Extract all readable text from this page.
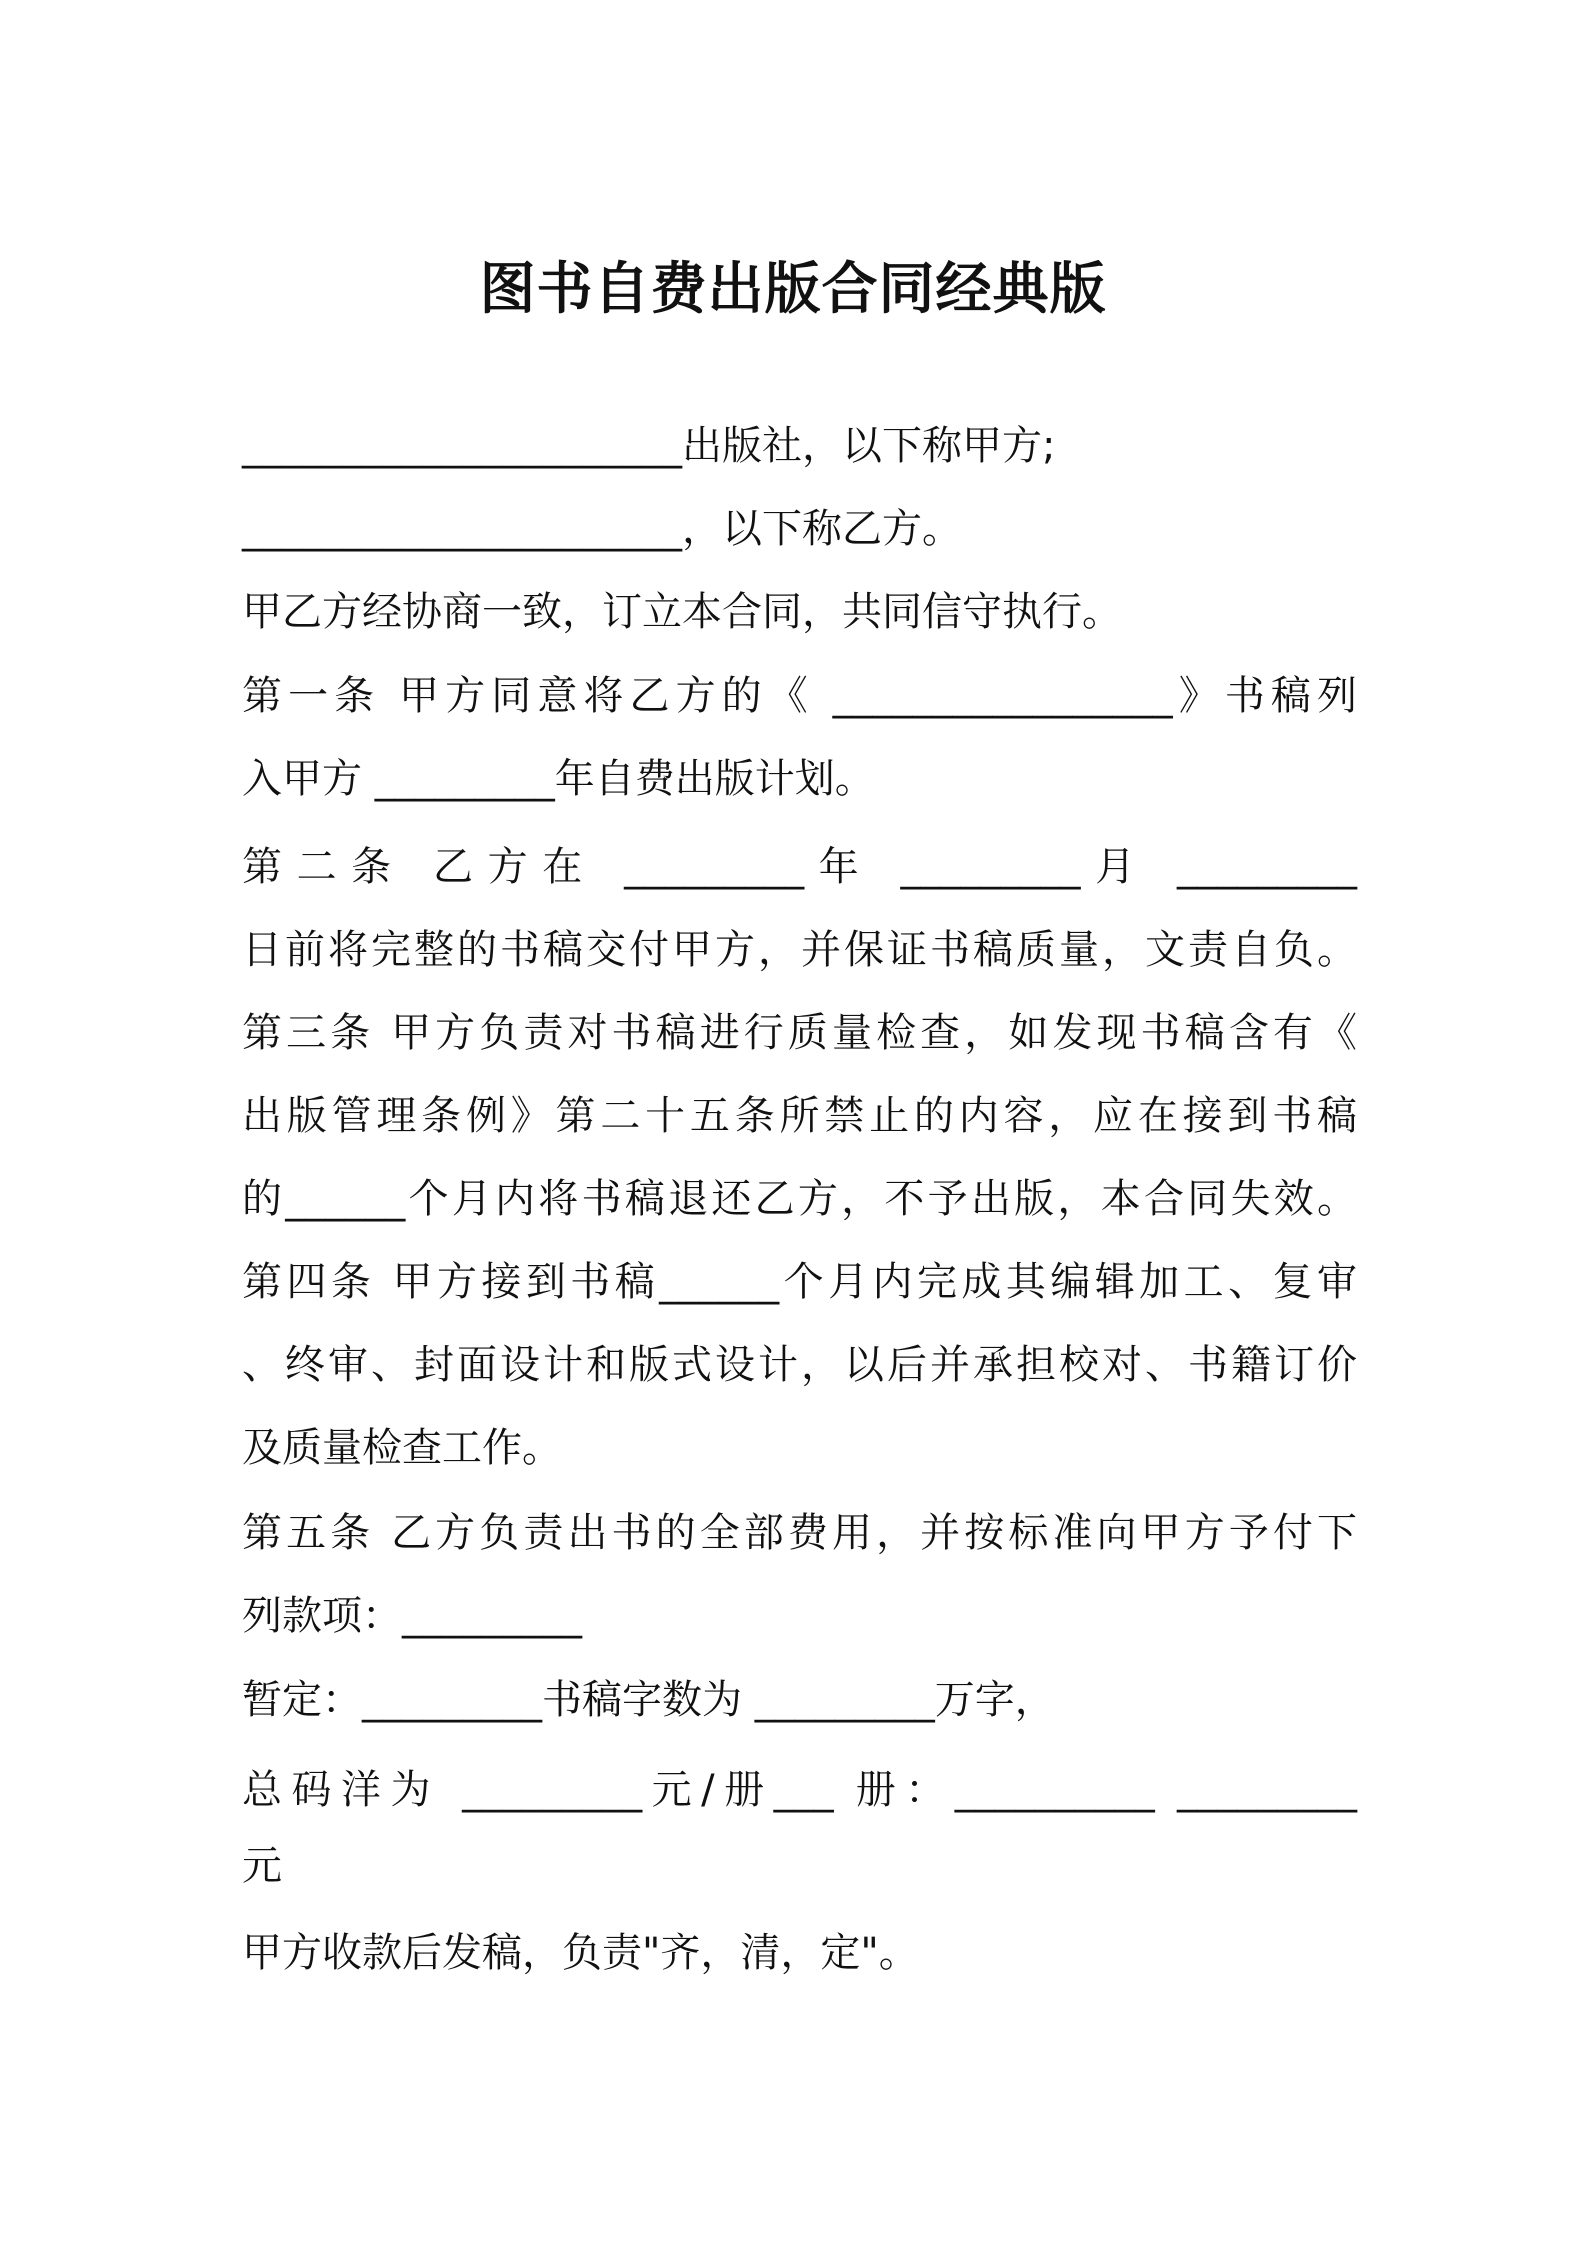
图书自费出版合同经典版
______________________出版社，以下称甲方;
______________________，以下称乙方。
甲乙方经协商一致，订立本合同，共同信守执行。
第一条 甲方同意将乙方的《 _________________》书稿列
入甲方 _________年自费出版计划。
第二条 乙方在 _________年 _________月 _________
日前将完整的书稿交付甲方，并保证书稿质量，文责自负。
第三条 甲方负责对书稿进行质量检查，如发现书稿含有《
出版管理条例》第二十五条所禁止的内容，应在接到书稿
的______个月内将书稿退还乙方，不予出版，本合同失效。
第四条 甲方接到书稿______个月内完成其编辑加工、复审
、终审、封面设计和版式设计，以后并承担校对、书籍订价
及质量检查工作。
第五条 乙方负责出书的全部费用，并按标准向甲方予付下
列款项：_________
暂定：_________书稿字数为 _________万字，
总码洋为 _________元/册___ 册：__________ _________
元
甲方收款后发稿，负责"齐，清，定"。
